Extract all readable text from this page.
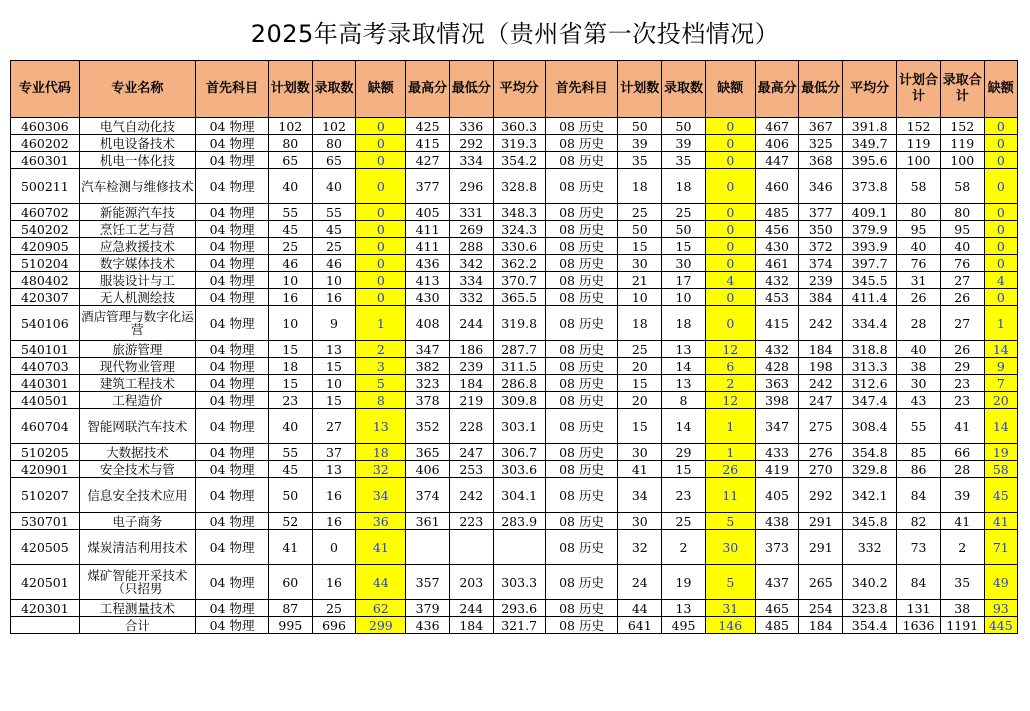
2025年高考录取情况（贵州省第一次投档情况）
专业代码	专业名称	首先科目	计划数	录取数	缺额	最高分	最低分	平均分	首先科目	计划数	录取数	缺额	最高分	最低分	平均分	计划合计	录取合计	缺额
460306	电气自动化技	04 物理	102	102	0	425	336	360.3	08 历史	50	50	0	467	367	391.8	152	152	0
460202	机电设备技术	04 物理	80	80	0	415	292	319.3	08 历史	39	39	0	406	325	349.7	119	119	0
460301	机电一体化技	04 物理	65	65	0	427	334	354.2	08 历史	35	35	0	447	368	395.6	100	100	0
500211	汽车检测与维修技术	04 物理	40	40	0	377	296	328.8	08 历史	18	18	0	460	346	373.8	58	58	0
460702	新能源汽车技	04 物理	55	55	0	405	331	348.3	08 历史	25	25	0	485	377	409.1	80	80	0
540202	烹饪工艺与营	04 物理	45	45	0	411	269	324.3	08 历史	50	50	0	456	350	379.9	95	95	0
420905	应急救援技术	04 物理	25	25	0	411	288	330.6	08 历史	15	15	0	430	372	393.9	40	40	0
510204	数字媒体技术	04 物理	46	46	0	436	342	362.2	08 历史	30	30	0	461	374	397.7	76	76	0
480402	服装设计与工	04 物理	10	10	0	413	334	370.7	08 历史	21	17	4	432	239	345.5	31	27	4
420307	无人机测绘技	04 物理	16	16	0	430	332	365.5	08 历史	10	10	0	453	384	411.4	26	26	0
540106	酒店管理与数字化运营	04 物理	10	9	1	408	244	319.8	08 历史	18	18	0	415	242	334.4	28	27	1
540101	旅游管理	04 物理	15	13	2	347	186	287.7	08 历史	25	13	12	432	184	318.8	40	26	14
440703	现代物业管理	04 物理	18	15	3	382	239	311.5	08 历史	20	14	6	428	198	313.3	38	29	9
440301	建筑工程技术	04 物理	15	10	5	323	184	286.8	08 历史	15	13	2	363	242	312.6	30	23	7
440501	工程造价	04 物理	23	15	8	378	219	309.8	08 历史	20	8	12	398	247	347.4	43	23	20
460704	智能网联汽车技术	04 物理	40	27	13	352	228	303.1	08 历史	15	14	1	347	275	308.4	55	41	14
510205	大数据技术	04 物理	55	37	18	365	247	306.7	08 历史	30	29	1	433	276	354.8	85	66	19
420901	安全技术与管	04 物理	45	13	32	406	253	303.6	08 历史	41	15	26	419	270	329.8	86	28	58
510207	信息安全技术应用	04 物理	50	16	34	374	242	304.1	08 历史	34	23	11	405	292	342.1	84	39	45
530701	电子商务	04 物理	52	16	36	361	223	283.9	08 历史	30	25	5	438	291	345.8	82	41	41
420505	煤炭清洁利用技术	04 物理	41	0	41				08 历史	32	2	30	373	291	332	73	2	71
420501	煤矿智能开采技术（只招男	04 物理	60	16	44	357	203	303.3	08 历史	24	19	5	437	265	340.2	84	35	49
420301	工程测量技术	04 物理	87	25	62	379	244	293.6	08 历史	44	13	31	465	254	323.8	131	38	93
	合计	04 物理	995	696	299	436	184	321.7	08 历史	641	495	146	485	184	354.4	1636	1191	445
